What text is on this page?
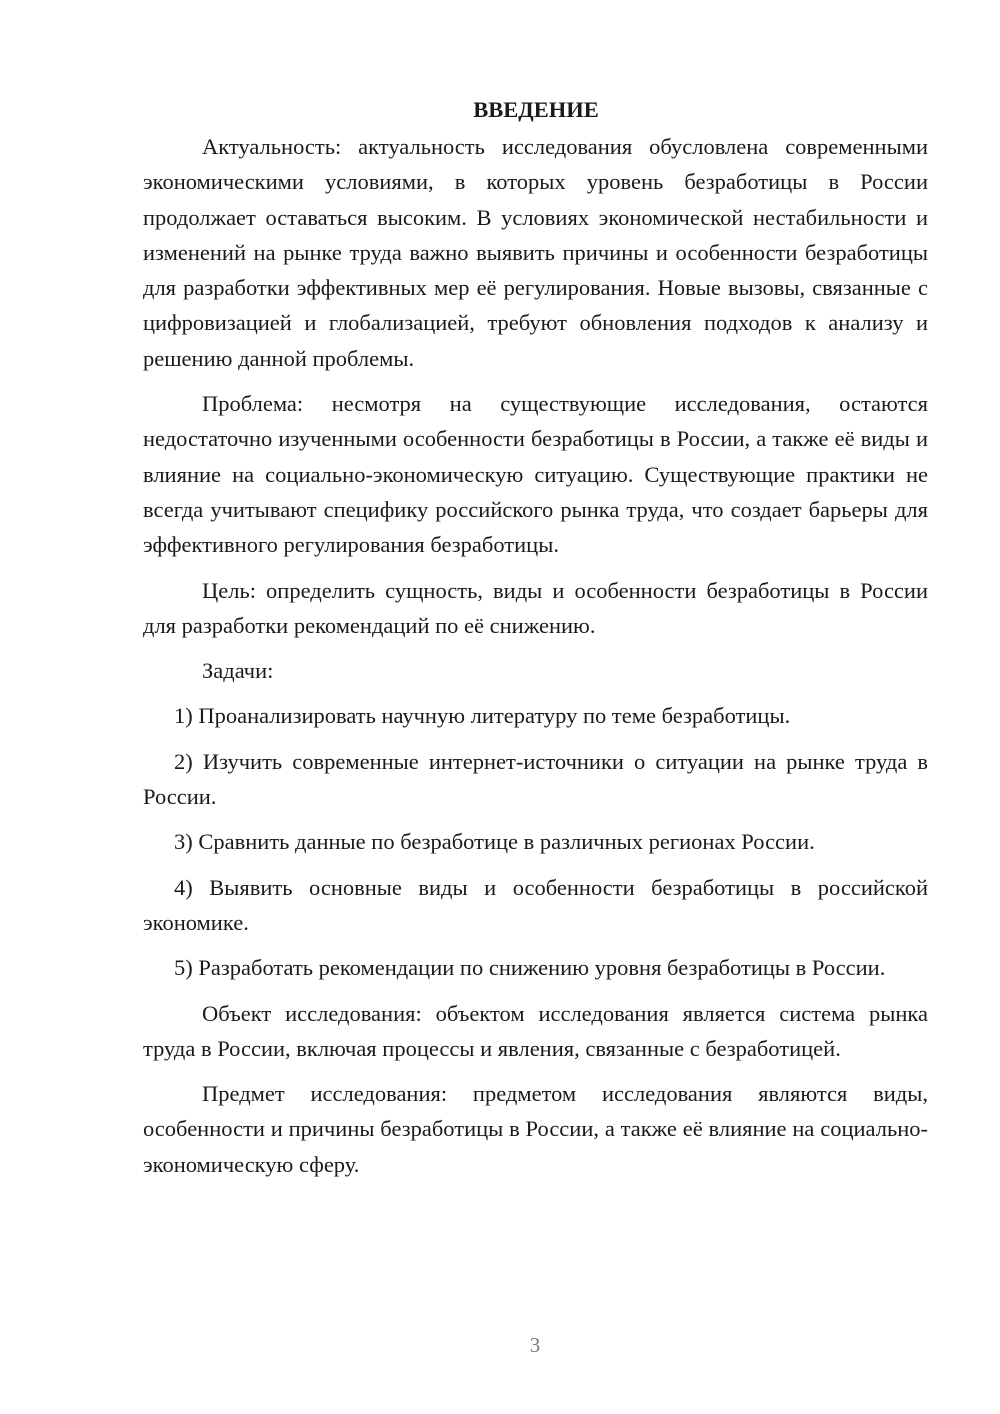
ВВЕДЕНИЕ

Актуальность: актуальность исследования обусловлена современными экономическими условиями, в которых уровень безработицы в России продолжает оставаться высоким. В условиях экономической нестабильности и изменений на рынке труда важно выявить причины и особенности безработицы для разработки эффективных мер её регулирования. Новые вызовы, связанные с цифровизацией и глобализацией, требуют обновления подходов к анализу и решению данной проблемы.

Проблема: несмотря на существующие исследования, остаются недостаточно изученными особенности безработицы в России, а также её виды и влияние на социально-экономическую ситуацию. Существующие практики не всегда учитывают специфику российского рынка труда, что создает барьеры для эффективного регулирования безработицы.

Цель: определить сущность, виды и особенности безработицы в России для разработки рекомендаций по её снижению.

Задачи:

1) Проанализировать научную литературу по теме безработицы.

2) Изучить современные интернет-источники о ситуации на рынке труда в России.

3) Сравнить данные по безработице в различных регионах России.

4) Выявить основные виды и особенности безработицы в российской экономике.

5) Разработать рекомендации по снижению уровня безработицы в России.

Объект исследования: объектом исследования является система рынка труда в России, включая процессы и явления, связанные с безработицей.

Предмет исследования: предметом исследования являются виды, особенности и причины безработицы в России, а также её влияние на социально-экономическую сферу.

3
